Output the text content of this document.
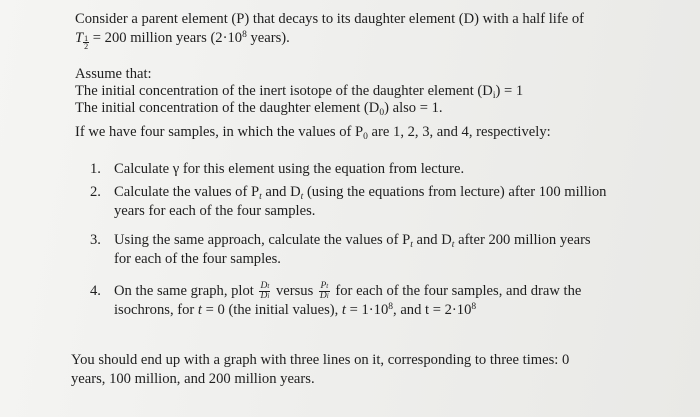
Consider a parent element (P) that decays to its daughter element (D) with a half life of
T $\frac{1}{2} = 200$ million years ($2\cdot 10^8$ years).
Assume that:
The initial concentration of the inert isotope of the daughter element $(D_i) = 1$
The initial concentration of the daughter element $(D_0)$ also = 1.
If we have four samples, in which the values of $P_0$ are 1, 2, 3, and 4, respectively:
1. Calculate γ for this element using the equation from lecture.
2. Calculate the values of $P_t$ and $D_t$ (using the equations from lecture) after 100 million
years for each of the four samples.
3. Using the same approach, calculate the values of $P_t$ and $D_t$ after 200 million years
for each of the four samples.
4. On the same graph, plot $\frac{Dt}{Di}$ versus $\frac{Pt}{Di}$ for each of the four samples, and draw the
isochrons, for t = 0 (the initial values), $t = 1\cdot 10^8$, and $t = 2\cdot 10^8$
You should end up with a graph with three lines on it, corresponding to three times: 0
years, 100 million, and 200 million years.
